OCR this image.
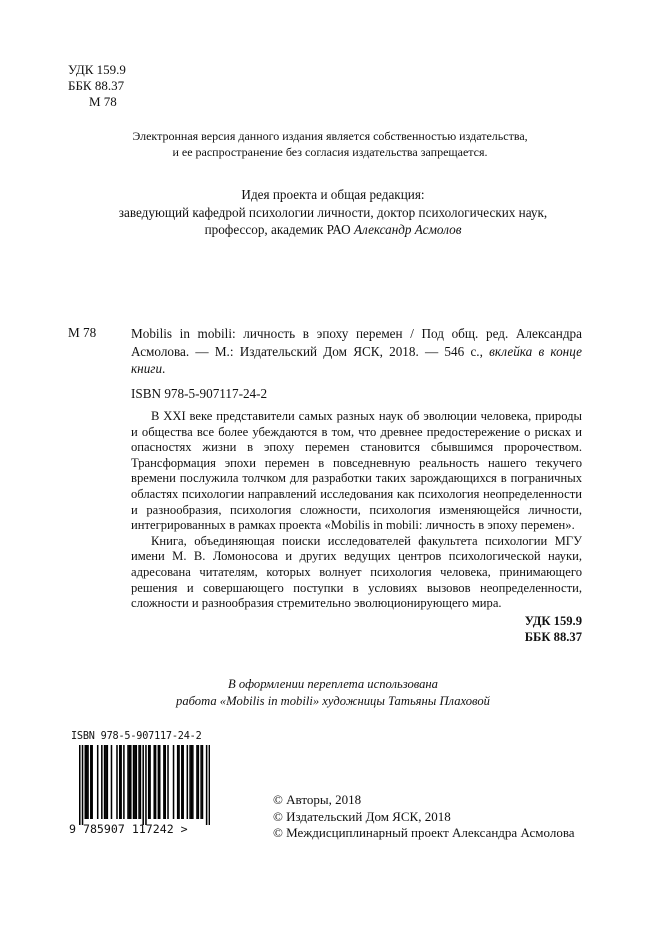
УДК 159.9
ББК 88.37
М 78
Электронная версия данного издания является собственностью издательства,
и ее распространение без согласия издательства запрещается.
Идея проекта и общая редакция:
заведующий кафедрой психологии личности, доктор психологических наук,
профессор, академик РАО Александр Асмолов
М 78	Mobilis in mobili: личность в эпоху перемен / Под общ. ред. Александра Асмолова. — М.: Издательский Дом ЯСК, 2018. — 546 с., вклейка в конце книги.
ISBN 978-5-907117-24-2

В XXI веке представители самых разных наук об эволюции человека, природы и общества все более убеждаются в том, что древнее предостережение о рисках и опасностях жизни в эпоху перемен становится сбывшимся пророчеством. Трансформация эпохи перемен в повседневную реальность нашего текучего времени послужила толчком для разработки таких зарождающихся в пограничных областях психологии направлений исследования как психология неопределенности и разнообразия, психология сложности, психология изменяющейся личности, интегрированных в рамках проекта «Mobilis in mobili: личность в эпоху перемен».

Книга, объединяющая поиски исследователей факультета психологии МГУ имени М. В. Ломоносова и других ведущих центров психологической науки, адресована читателям, которых волнует психология человека, принимающего решения и совершающего поступки в условиях вызовов неопределенности, сложности и разнообразия стремительно эволюционирующего мира.

УДК 159.9
ББК 88.37
В оформлении переплета использована
работа «Mobilis in mobili» художницы Татьяны Плаховой
ISBN 978-5-907117-24-2
9 785907 117242 >
© Авторы, 2018
© Издательский Дом ЯСК, 2018
© Междисциплинарный проект Александра Асмолова
